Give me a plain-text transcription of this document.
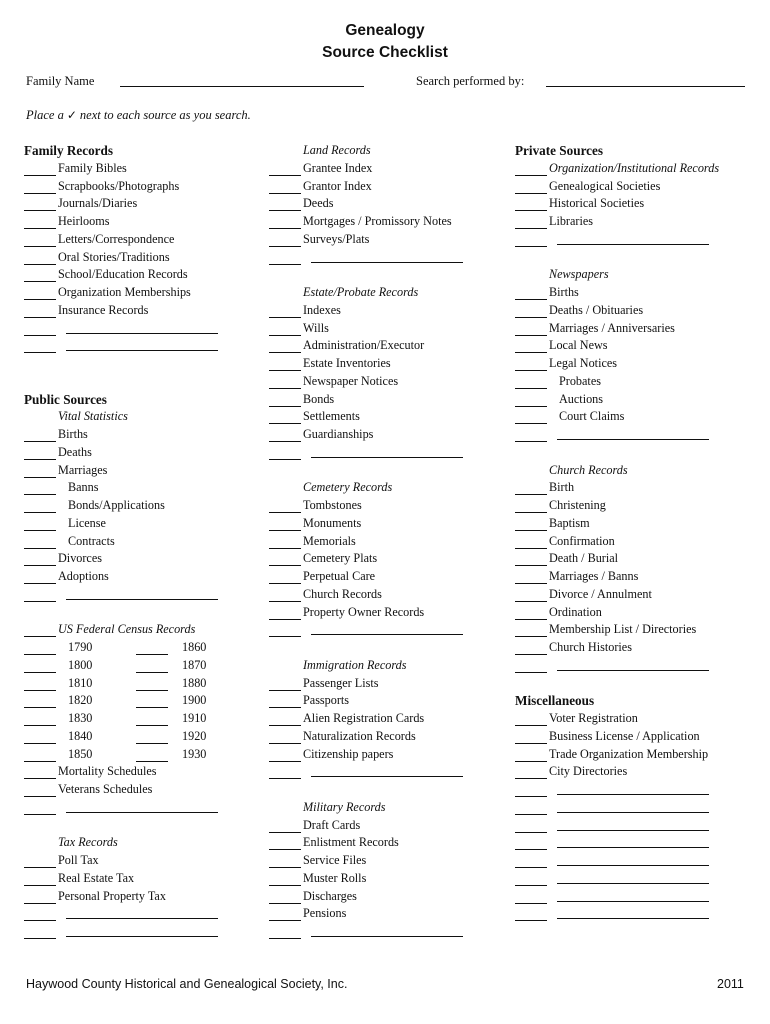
Genealogy
Source Checklist
Family Name	Search performed by:
Place a ✓ next to each source as you search.
Family Records
Family Bibles
Scrapbooks/Photographs
Journals/Diaries
Heirlooms
Letters/Correspondence
Oral Stories/Traditions
School/Education Records
Organization Memberships
Insurance Records
Public Sources
Vital Statistics
Births
Deaths
Marriages
Banns
Bonds/Applications
License
Contracts
Divorces
Adoptions
US Federal Census Records
1790	1860
1800	1870
1810	1880
1820	1900
1830	1910
1840	1920
1850	1930
Mortality Schedules
Veterans Schedules
Tax Records
Poll Tax
Real Estate Tax
Personal Property Tax
Land Records
Grantee Index
Grantor Index
Deeds
Mortgages / Promissory Notes
Surveys/Plats
Estate/Probate Records
Indexes
Wills
Administration/Executor
Estate Inventories
Newspaper Notices
Bonds
Settlements
Guardianships
Cemetery Records
Tombstones
Monuments
Memorials
Cemetery Plats
Perpetual Care
Church Records
Property Owner Records
Immigration Records
Passenger Lists
Passports
Alien Registration Cards
Naturalization Records
Citizenship papers
Military Records
Draft Cards
Enlistment Records
Service Files
Muster Rolls
Discharges
Pensions
Private Sources
Organization/Institutional Records
Genealogical Societies
Historical Societies
Libraries
Newspapers
Births
Deaths / Obituaries
Marriages / Anniversaries
Local News
Legal Notices
Probates
Auctions
Court Claims
Church Records
Birth
Christening
Baptism
Confirmation
Death / Burial
Marriages / Banns
Divorce / Annulment
Ordination
Membership List / Directories
Church Histories
Miscellaneous
Voter Registration
Business License / Application
Trade Organization Membership
City Directories
Haywood County Historical and Genealogical Society, Inc.	2011
